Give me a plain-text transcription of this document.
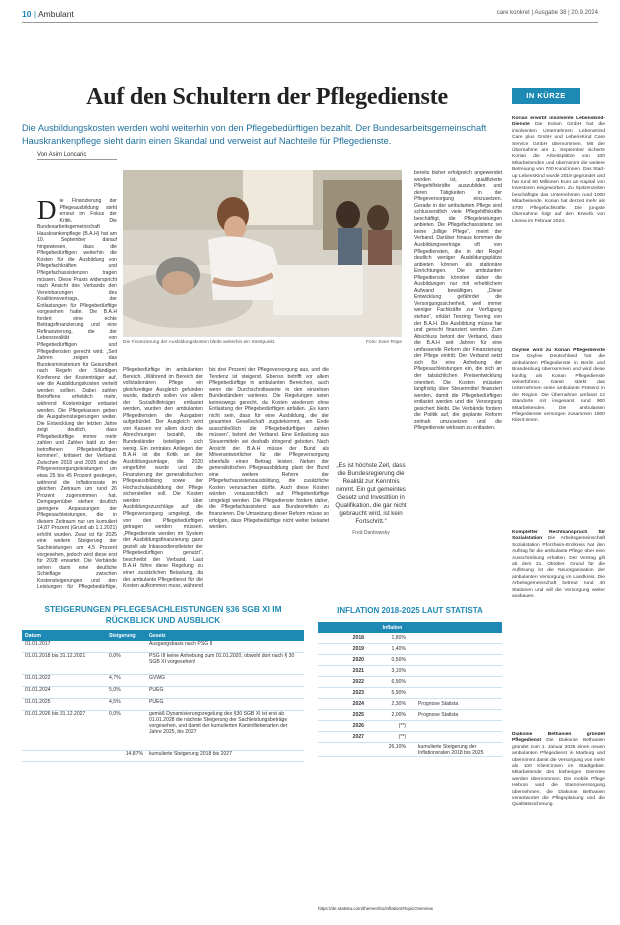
10 | Ambulant	care konkret | Ausgabe 38 | 20.9.2024
Auf den Schultern der Pflegedienste
Die Ausbildungskosten werden wohl weiterhin von den Pflegebedürftigen bezahlt. Der Bundesarbeitsgemeinschaft Hauskrankenpflege sieht darin einen Skandal und verweist auf Nachteile für Pflegedienste.
Von Asim Loncaric
Die Finanzierung der Pflegeausbildung steht erneut im Fokus der Kritik. Die Bundesarbeitsgemeinschaft Hauskrankenpflege (B.A.H) hat am 10. September darauf hingewiesen, dass die Pflegebedürftigen weiterhin die Kosten für die Ausbildung von Pflegefachkräften und Pflegefachassistenzen tragen müssen. Diese Praxis widerspricht nach Ansicht des Verbands den Vereinbarungen des Koalitionsvertrags, der Entlastungen für Pflegebedürftige vorgesehen hatte. Die B.A.H fordert eine echte Beitragsfinanzierung und eine Refinanzierung, die der Lebensrealität von Pflegebedürftigen und Pflegediensten gerecht wird. „Seit Jahren zeigen das Bundesministerium für Gesundheit nach Regeln der Ständigen Konferenz der Kostenträger auf, wie die Ausbildungskosten verteilt werden sollten. Dabei zahlen Betroffene erheblich mehr, während Kostenträger entlastet werden. Die Pflegekassen geben die Ausgabensteigerungen weiter. Die Entwicklung der letzten Jahre zeigt deutlich, dass Pflegebedürftige immer mehr zahlen und Zahlen bald zu den betroffenen Pflegebedürftigen kommen“, kritisiert der Verband. Zwischen 2018 und 2025 sind die Pflegeversorgungsleistungen um etwa 25 bis 45 Prozent gestiegen, während die Inflationsrate im gleichen Zeitraum um rund 26 Prozent zugenommen hat. Demgegenüber stehen deutlich geringere Anpassungen der Pflegesachleistungen, die in diesem Zeitraum nur um kumuliert 14,87 Prozent (Grund ab 1.1.2021) erhöht wurden. Zwar ist für 2025 eine weitere Steigerung der Sachleistungen um 4,5 Prozent vorgesehen, jedoch wird diese erst für 2028 erwartet. Die Verbände sehen darin eine deutliche Schieflage zwischen Kostensteigerungen und den Leistungen für Pflegebedürftige,
Die Finanzierung der Ausbildungskosten bleibt weiterhin ein Streitpunkt.	Foto: Sven Röpe
Pflegebedürftige im ambulanten Bereich. „Während im Bereich der vollstationären Pflege ein gleichzeitiger Ausgleich gefunden wurde, dadurch sollen vor allem der Sozialhilfeträger entlastet werden, wurden den ambulanten Pflegediensten die Ausgaben aufgebürdet. Der Ausgleich wird von Kassen vor allem durch die Abrechnungen bezahlt, die Bundesländer beteiligen sich wenig. Ein zentrales Anliegen der B.A.H ist die Kritik an der Ausbildungsumlage, die 2020 eingeführt wurde und die Finanzierung der generalistischen Pflegeausbildung sowie der Hochschulausbildung der Pflege sicherstellen soll. Die Kosten werden über Ausbildungszuschläge auf die Pflegeversorgung umgelegt, die von den Pflegebedürftigen getragen werden müssen. „Pflegedienste werden im System der Ausbildungsfinanzierung ganz gezielt als Inkassodienstleister der Pflegebedürftigen genutzt“, beschreibt der Verband. Laut B.A.H führe diese Regelung zu einer zusätzlichen Belastung, da der ambulante Pflegedienst für die Kosten aufkommen muss, während
bis drei Prozent der Pflegeversorgung aus, und die Tendenz ist steigend. Ebenso betrifft vor allem Pflegebedürftige in ambulanten Bereichen, auch wenn die Durchschnittswerte in den einzelnen Bundesländern variieren. Die Regelungen seien keineswegs gerecht, da Kosten wiederum ohne Entlastung der Pflegebedürftigen anfallen. „Es kann nicht sein, dass für eine Ausbildung, die der gesamten Gesellschaft zugutekommt, am Ende ausschließlich die Pflegebedürftigen zahlen müssen“, betont der Verband. Eine Entlastung aus Steuermitteln sei deshalb dringend geboten. Nach Ansicht der B.A.H müsse der Bund als Mitverantwortlicher für die Pflegeversorgung ebenfalls einen Beitrag leisten. Neben der generalistischen Pflegeausbildung plant der Bund eine weitere Reform der Pflegefachassistenzausbildung, die zusätzliche Kosten verursachen dürfte. Auch diese Kosten würden voraussichtlich auf Pflegebedürftige umgelegt werden. Die Pflegedienste fordern daher, die Pflegefachassistenz aus Bundesmitteln zu finanzieren. Die Umsetzung dieser Reform müsse so erfolgen, dass Pflegebedürftige nicht weiter belastet werden.
„Es ist höchste Zeit, dass die Bundesregierung die Realität zur Kenntnis nimmt. Ein gut gemeintes Gesetz und Investition in Qualifikation, die gar nicht gebraucht wird, ist kein Fortschritt.“
Fred Danbowsky
bereits bisher erfolgreich angewendet worden ist, qualifizierte Pflegehilfskräfte auszubilden und deren Tätigkeiten in der Pflegeversorgung einzusetzen. Gerade in der ambulanten Pflege sind schlussendlich viele Pflegehilfskräfte beschäftigt, die Pflegeleistungen anbieten. Die Pflegefachassistenz sei keine „billige Pflege“, meint der Verband. Darüber hinaus kommen die Ausbildungsverträge oft von Pflegediensten, die in der Regel deutlich weniger Ausbildungsplätze anbieten können als stationäre Einrichtungen. Die ambulanten Pflegedienste könnten daher die Ausbildungen nur mit erheblichem Aufwand bewältigen. „Diese Entwicklung gefährdet die Versorgungssicherheit, weil immer weniger Fachkräfte zur Verfügung stehen“, erklärt Tenzing Tsering von der B.A.H. Die Ausbildung müsse fair und gerecht finanziert werden. Zum Abschluss betont der Verband, dass die B.A.H seit Jahren für eine umfassende Reform der Finanzierung der Pflege eintritt. Der Verband setzt sich für eine Anhebung der Pflegesachleistungen ein, die sich an der tatsächlichen Preisentwicklung orientiert. Die Kosten müssten langfristig über Steuermittel finanziert werden, damit die Pflegebedürftigen entlastet werden und die Versorgung gesichert bleibt. Die Verbände fordern die Politik auf, die geplante Reform zeitnah umzusetzen und die Pflegedienste wirksam zu entlasten.
STEIGERUNGEN PFLEGESACHLEISTUNGEN §36 SGB XI IM RÜCKBLICK UND AUSBLICK
Datum	Steigerung	Gesetz
01.01.2017		Ausgangsbasis nach PSG II
01.01.2018 bis 31.12.2021	0,0%	PSG III keine Anhebung zum 01.01.2020, obwohl dort nach § 30 SGB XI vorgesehen!
01.01.2022	4,7%	GVWG
01.01.2024	5,0%	PUEG
01.01.2025	4,5%	PUEG
01.01.2026 bis 31.12.2027	0,0%	gemäß Dynamisierungsregelung des §30 SGB XI ist erst ab 01.01.2028 die nächste Steigerung der Sachleistungsbeträge vorgesehen, und damit der kumulierten Kaminflieberarten der Jahre 2025, bis 2027
	14,87%	kumulierte Steigerung 2018 bis 2027
INFLATION 2018-2025 LAUT STATISTA
	Inflation	
2018	1,80%	
2019	1,40%	
2020	0,50%	
2021	3,10%	
2022	6,90%	
2023	5,90%	
2024	2,30%	Prognose Statista
2025	2,00%	Prognose Statista
2026	(**)	
2027	(**)	
	26,10%	kumulierte Steigerung der Inflationsraten 2018 bis 2025
https://de.statista.com/themen/51/inflation/#topicOverview
IN KÜRZE
Korian erwirbt insolvente Lebenskind-Dienste Die Korian GmbH hat die insolventen Unternehmen LebensKind Care plus GmbH und LebensKind Care Service GmbH übernommen. Mit der Übernahme am 1. September sicherte Korian die Arbeitsplätze von 100 Mitarbeitenden und übernimmt die weitere Betreuung von 700 Kund:innen. Das Start-up LebensKind wurde 2019 gegründet und hat rund 60 Millionen Euro an Kapital von Investoren eingeworben. Zu Spitzenzeiten beschäftigte das Unternehmen rund 1000 Mitarbeitende. Korian hat derzeit mehr als 4700 Pflegefachkräfte. Die jüngste Übernahme folgt auf den Erwerb von Linnea im Februar 2024.
Oxylise wird zu Korian Pflegedienste Die Oxylise Deutschland hat die ambulanten Pflegedienste in Berlin und Brandenburg übernommen und wird diese künftig als Korian Pflegedienste weiterführen. Damit stärkt das Unternehmen seine ambulante Präsenz in der Region. Die Übernahme umfasst 12 Standorte mit insgesamt rund 900 Mitarbeitenden. Die ambulanten Pflegedienste versorgen zusammen 1800 Klient:innen.
Kompletter Rechtsanspruch für Sozialstation Die Arbeitsgemeinschaft Sozialstation Pforzheim-Enzkreis hat den Auftrag für die ambulante Pflege über eine Ausschreibung erhalten. Der Vertrag gilt ab dem 31. Oktober. Grund für die Auflösung ist die Neuorganisation der ambulanten Versorgung im Landkreis. Die Arbeitsgemeinschaft betreut rund 40 Stationen und will die Versorgung weiter ausbauen.
Diakonie Bethanien gründet Pflegedienst Die Diakonie Bethanien gründet zum 1. Januar 2025 einen neuen ambulanten Pflegedienst in Marburg und übernimmt damit die Versorgung von mehr als 100 Klient:innen im Stadtgebiet. Mitarbeitende des bisherigen Dienstes werden übernommen. Die mobile Pflege Hebron wird die Stammversorgung übernehmen, die Diakonie Bethanien verantwortet die Pflegeplanung und die Qualitätssicherung.
